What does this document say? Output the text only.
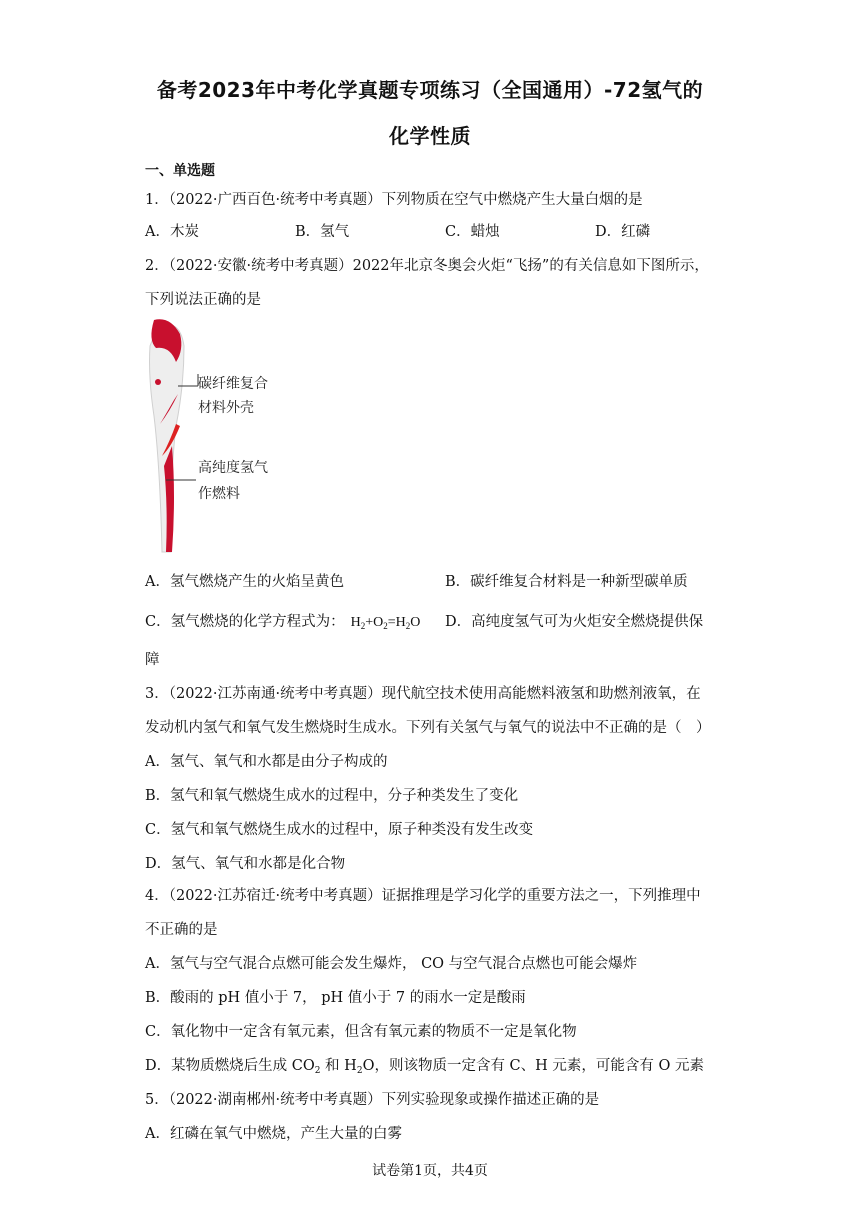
备考2023年中考化学真题专项练习（全国通用）-72氢气的
化学性质
一、单选题
1．（2022·广西百色·统考中考真题）下列物质在空气中燃烧产生大量白烟的是
A．木炭	B．氢气	C．蜡烛	D．红磷
2．（2022·安徽·统考中考真题）2022年北京冬奥会火炬“飞扬”的有关信息如下图所示，
下列说法正确的是
碳纤维复合
材料外壳
高纯度氢气
作燃料
A．氢气燃烧产生的火焰呈黄色	B．碳纤维复合材料是一种新型碳单质
C．氢气燃烧的化学方程式为： $H_2+O_2=H_2O$	D．高纯度氢气可为火炬安全燃烧提供保
障
3．（2022·江苏南通·统考中考真题）现代航空技术使用高能燃料液氢和助燃剂液氧，在
发动机内氢气和氧气发生燃烧时生成水。下列有关氢气与氧气的说法中不正确的是（　）
A．氢气、氧气和水都是由分子构成的
B．氢气和氧气燃烧生成水的过程中，分子种类发生了变化
C．氢气和氧气燃烧生成水的过程中，原子种类没有发生改变
D．氢气、氧气和水都是化合物
4．（2022·江苏宿迁·统考中考真题）证据推理是学习化学的重要方法之一，下列推理中
不正确的是
A．氢气与空气混合点燃可能会发生爆炸， CO 与空气混合点燃也可能会爆炸
B．酸雨的 pH 值小于 7， pH 值小于 7 的雨水一定是酸雨
C．氧化物中一定含有氧元素，但含有氧元素的物质不一定是氧化物
D．某物质燃烧后生成 $CO_2$ 和 $H_2O$，则该物质一定含有 C、H 元素，可能含有 O 元素
5．（2022·湖南郴州·统考中考真题）下列实验现象或操作描述正确的是
A．红磷在氧气中燃烧，产生大量的白雾
试卷第1页，共4页
